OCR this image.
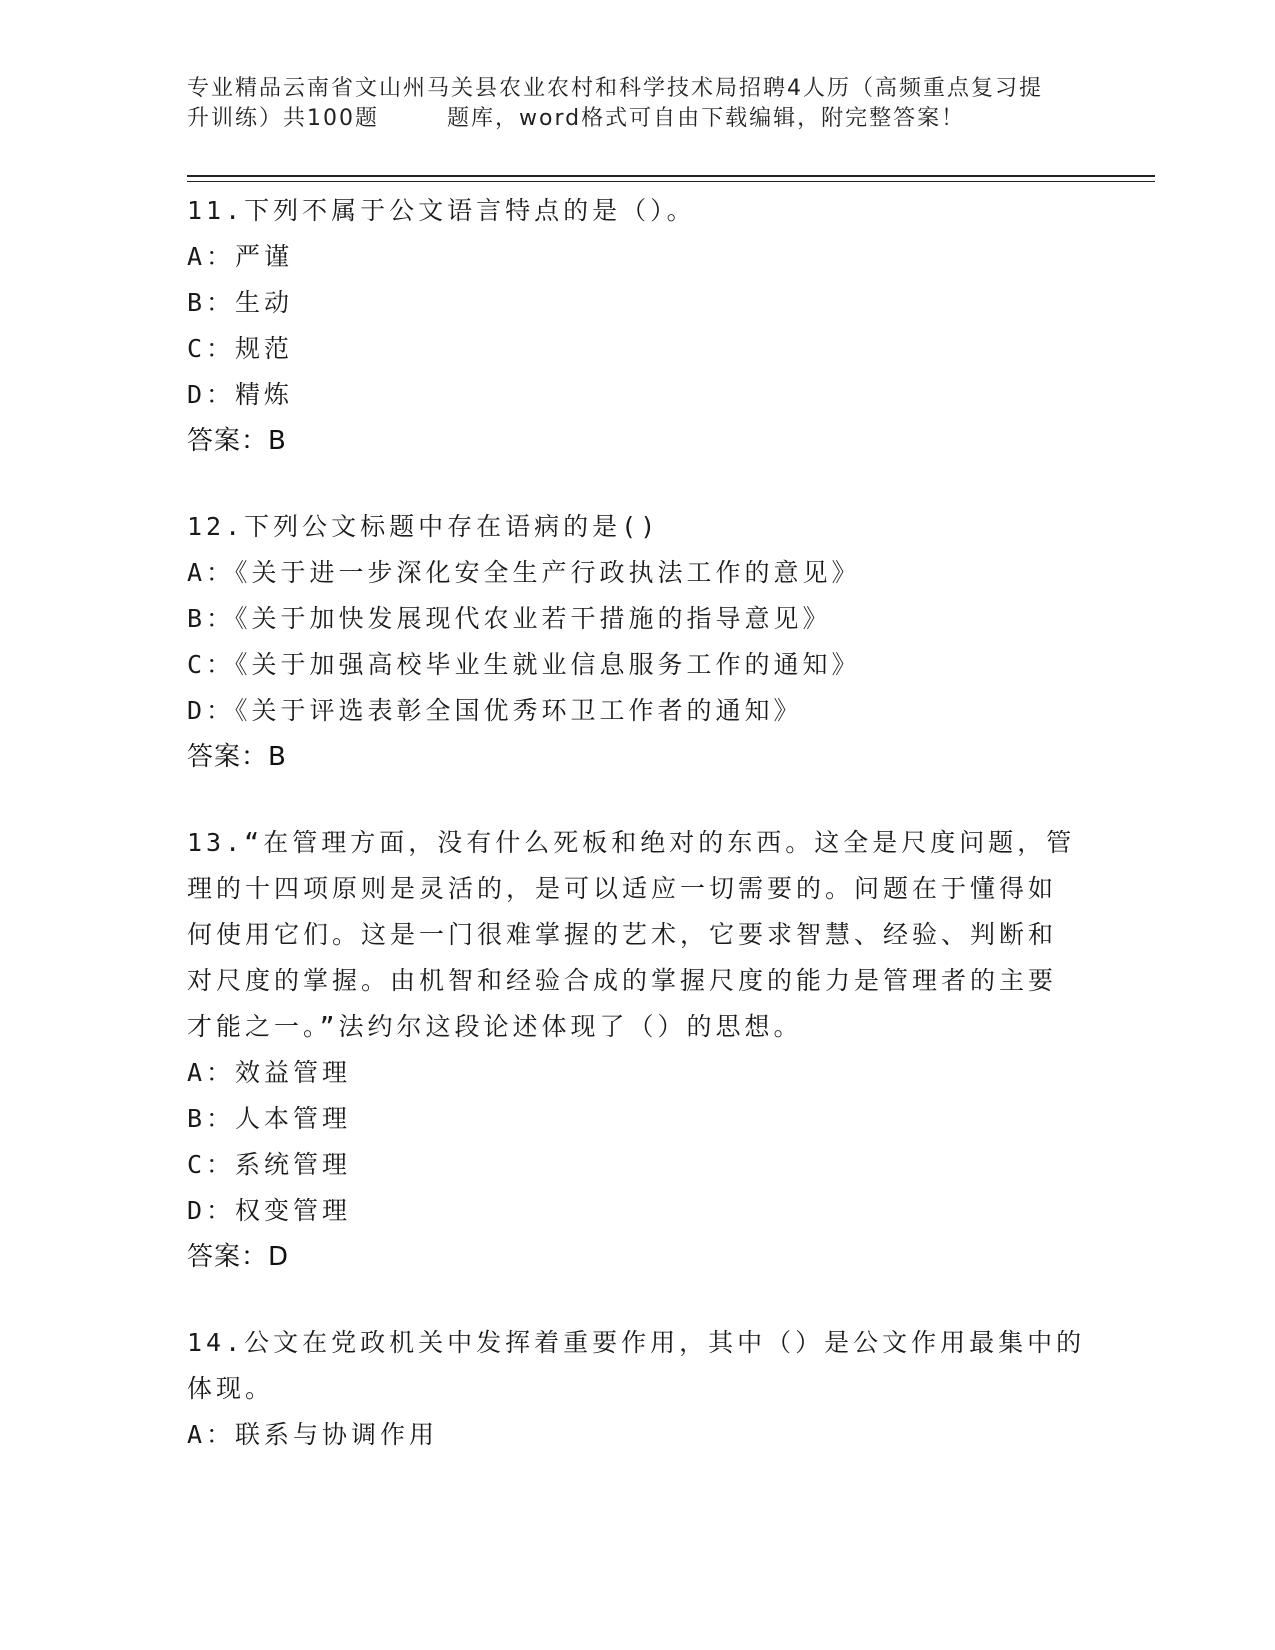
专业精品云南省文山州马关县农业农村和科学技术局招聘4人历（高频重点复习提
升训练）共100题	题库，word格式可自由下载编辑，附完整答案！
11.下列不属于公文语言特点的是（）。
A：严谨
B：生动
C：规范
D：精炼
答案：B
12.下列公文标题中存在语病的是()
A：《关于进一步深化安全生产行政执法工作的意见》
B：《关于加快发展现代农业若干措施的指导意见》
C：《关于加强高校毕业生就业信息服务工作的通知》
D：《关于评选表彰全国优秀环卫工作者的通知》
答案：B
13.“在管理方面，没有什么死板和绝对的东西。这全是尺度问题，管
理的十四项原则是灵活的，是可以适应一切需要的。问题在于懂得如
何使用它们。这是一门很难掌握的艺术，它要求智慧、经验、判断和
对尺度的掌握。由机智和经验合成的掌握尺度的能力是管理者的主要
才能之一。”法约尔这段论述体现了（）的思想。
A：效益管理
B：人本管理
C：系统管理
D：权变管理
答案：D
14.公文在党政机关中发挥着重要作用，其中（）是公文作用最集中的
体现。
A：联系与协调作用
